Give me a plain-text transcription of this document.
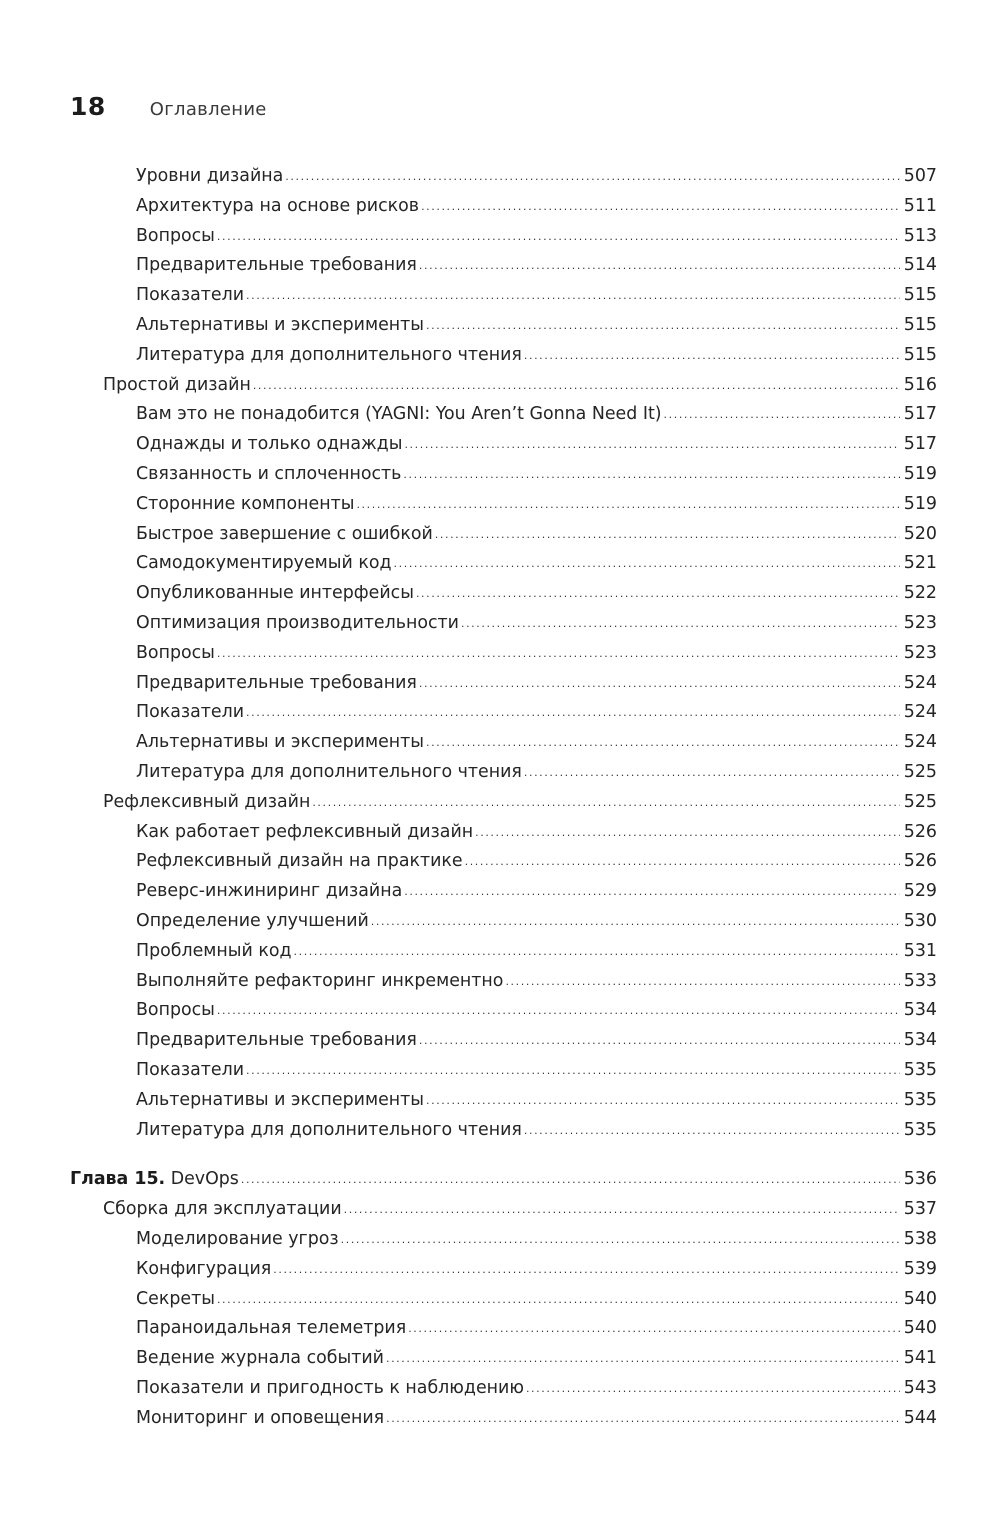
18 Оглавление
Уровни дизайна .....	507
Архитектура на основе рисков .....	511
Вопросы .....	513
Предварительные требования .....	514
Показатели .....	515
Альтернативы и эксперименты .....	515
Литература для дополнительного чтения .....	515
Простой дизайн .....	516
Вам это не понадобится (YAGNI: You Aren’t Gonna Need It) .....	517
Однажды и только однажды .....	517
Связанность и сплоченность .....	519
Сторонние компоненты .....	519
Быстрое завершение с ошибкой .....	520
Самодокументируемый код .....	521
Опубликованные интерфейсы .....	522
Оптимизация производительности .....	523
Вопросы .....	523
Предварительные требования .....	524
Показатели .....	524
Альтернативы и эксперименты .....	524
Литература для дополнительного чтения .....	525
Рефлексивный дизайн .....	525
Как работает рефлексивный дизайн .....	526
Рефлексивный дизайн на практике .....	526
Реверс-инжиниринг дизайна .....	529
Определение улучшений .....	530
Проблемный код .....	531
Выполняйте рефакторинг инкрементно .....	533
Вопросы .....	534
Предварительные требования .....	534
Показатели .....	535
Альтернативы и эксперименты .....	535
Литература для дополнительного чтения .....	535
Глава 15. DevOps .....	536
Сборка для эксплуатации .....	537
Моделирование угроз .....	538
Конфигурация .....	539
Секреты .....	540
Параноидальная телеметрия .....	540
Ведение журнала событий .....	541
Показатели и пригодность к наблюдению .....	543
Мониторинг и оповещения .....	544
